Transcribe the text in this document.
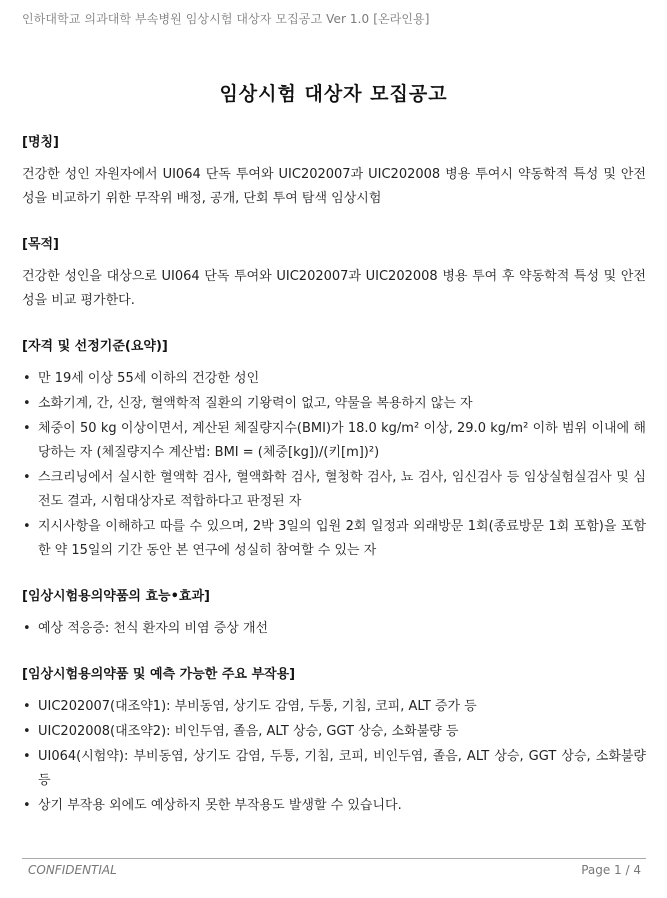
인하대학교 의과대학 부속병원 임상시험 대상자 모집공고 Ver 1.0 [온라인용]
임상시험 대상자 모집공고
[명칭]

건강한 성인 자원자에서 UI064 단독 투여와 UIC202007과 UIC202008 병용 투여시 약동학적 특성 및 안전성을 비교하기 위한 무작위 배정, 공개, 단회 투여 탐색 임상시험

[목적]

건강한 성인을 대상으로 UI064 단독 투여와 UIC202007과 UIC202008 병용 투여 후 약동학적 특성 및 안전성을 비교 평가한다.

[자격 및 선정기준(요약)]
• 만 19세 이상 55세 이하의 건강한 성인
• 소화기계, 간, 신장, 혈액학적 질환의 기왕력이 없고, 약물을 복용하지 않는 자
• 체중이 50 kg 이상이면서, 계산된 체질량지수(BMI)가 18.0 kg/m² 이상, 29.0 kg/m² 이하 범위 이내에 해당하는 자 (체질량지수 계산법: BMI = (체중[kg])/(키[m])²)
• 스크리닝에서 실시한 혈액학 검사, 혈액화학 검사, 혈청학 검사, 뇨 검사, 임신검사 등 임상실험실검사 및 심전도 결과, 시험대상자로 적합하다고 판정된 자
• 지시사항을 이해하고 따를 수 있으며, 2박 3일의 입원 2회 일정과 외래방문 1회(종료방문 1회 포함)을 포함한 약 15일의 기간 동안 본 연구에 성실히 참여할 수 있는 자
[임상시험용의약품의 효능•효과]
• 예상 적응증: 천식 환자의 비염 증상 개선
[임상시험용의약품 및 예측 가능한 주요 부작용]
• UIC202007(대조약1): 부비동염, 상기도 감염, 두통, 기침, 코피, ALT 증가 등
• UIC202008(대조약2): 비인두염, 졸음, ALT 상승, GGT 상승, 소화불량 등
• UI064(시험약): 부비동염, 상기도 감염, 두통, 기침, 코피, 비인두염, 졸음, ALT 상승, GGT 상승, 소화불량 등
• 상기 부작용 외에도 예상하지 못한 부작용도 발생할 수 있습니다.
CONFIDENTIAL	Page 1 / 4
